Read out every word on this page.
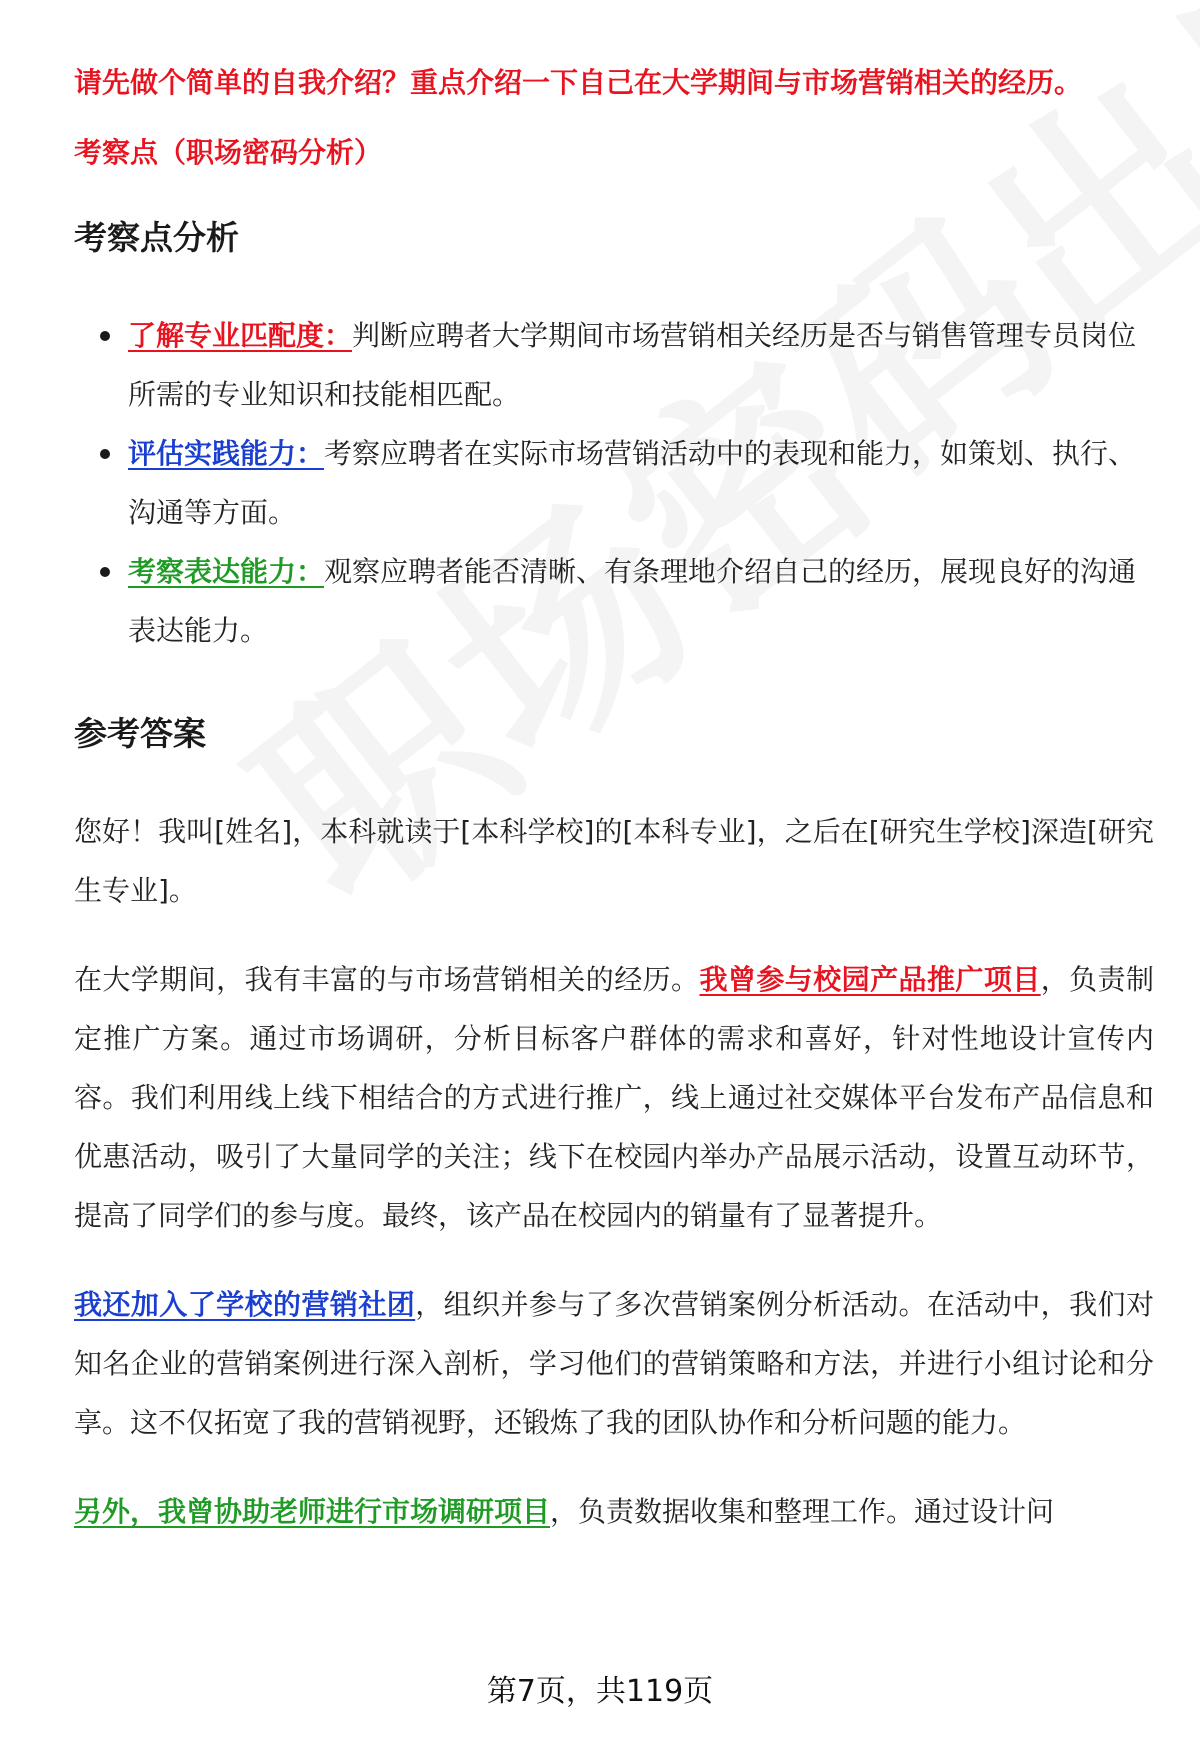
请先做个简单的自我介绍？重点介绍一下自己在大学期间与市场营销相关的经历。
考察点（职场密码分析）
考察点分析
了解专业匹配度：判断应聘者大学期间市场营销相关经历是否与销售管理专员岗位所需的专业知识和技能相匹配。
评估实践能力：考察应聘者在实际市场营销活动中的表现和能力，如策划、执行、沟通等方面。
考察表达能力：观察应聘者能否清晰、有条理地介绍自己的经历，展现良好的沟通表达能力。
参考答案

您好！我叫[姓名]，本科就读于[本科学校]的[本科专业]，之后在[研究生学校]深造[研究生专业]。

在大学期间，我有丰富的与市场营销相关的经历。我曾参与校园产品推广项目，负责制定推广方案。通过市场调研，分析目标客户群体的需求和喜好，针对性地设计宣传内容。我们利用线上线下相结合的方式进行推广，线上通过社交媒体平台发布产品信息和优惠活动，吸引了大量同学的关注；线下在校园内举办产品展示活动，设置互动环节，提高了同学们的参与度。最终，该产品在校园内的销量有了显著提升。

我还加入了学校的营销社团，组织并参与了多次营销案例分析活动。在活动中，我们对知名企业的营销案例进行深入剖析，学习他们的营销策略和方法，并进行小组讨论和分享。这不仅拓宽了我的营销视野，还锻炼了我的团队协作和分析问题的能力。

另外，我曾协助老师进行市场调研项目，负责数据收集和整理工作。通过设计问

第7页，共119页
